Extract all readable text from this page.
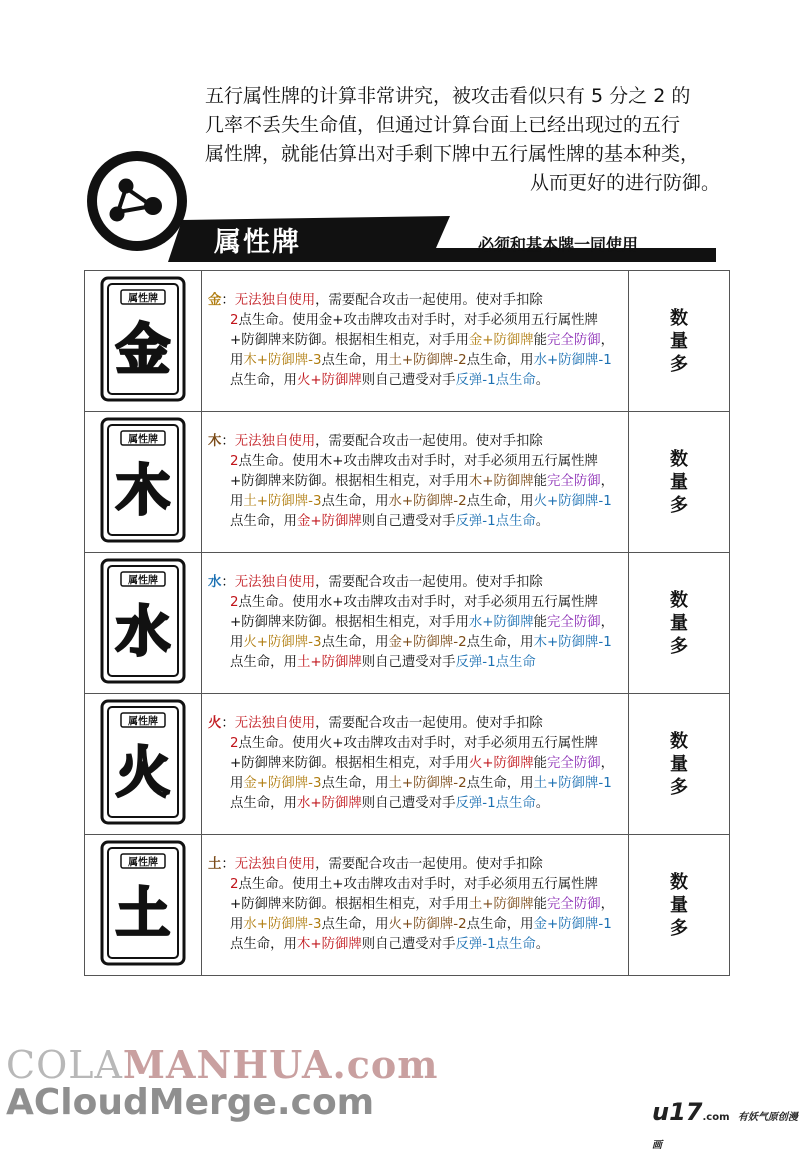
五行属性牌的计算非常讲究，被攻击看似只有 5 分之 2 的
几率不丢失生命值，但通过计算台面上已经出现过的五行
属性牌，就能估算出对手剩下牌中五行属性牌的基本种类，
从而更好的进行防御。
属性牌	必须和基本牌一同使用
属性牌
金	金：无法独自使用，需要配合攻击一起使用。使对手扣除
2点生命。使用金+攻击牌攻击对手时，对手必须用五行属性牌+防御牌来防御。根据相生相克，对手用金+防御牌能完全防御，用木+防御牌-3点生命，用土+防御牌-2点生命，用水+防御牌-1点生命，用火+防御牌则自己遭受对手反弹-1点生命。	数量多

属性牌
木	木：无法独自使用，需要配合攻击一起使用。使对手扣除
2点生命。使用木+攻击牌攻击对手时，对手必须用五行属性牌+防御牌来防御。根据相生相克，对手用木+防御牌能完全防御，用土+防御牌-3点生命，用水+防御牌-2点生命，用火+防御牌-1点生命，用金+防御牌则自己遭受对手反弹-1点生命。	数量多

属性牌
水	水：无法独自使用，需要配合攻击一起使用。使对手扣除
2点生命。使用水+攻击牌攻击对手时，对手必须用五行属性牌+防御牌来防御。根据相生相克，对手用水+防御牌能完全防御，用火+防御牌-3点生命，用金+防御牌-2点生命，用木+防御牌-1点生命，用土+防御牌则自己遭受对手反弹-1点生命	数量多

属性牌
火	火：无法独自使用，需要配合攻击一起使用。使对手扣除
2点生命。使用火+攻击牌攻击对手时，对手必须用五行属性牌+防御牌来防御。根据相生相克，对手用火+防御牌能完全防御，用金+防御牌-3点生命，用土+防御牌-2点生命，用土+防御牌-1点生命，用水+防御牌则自己遭受对手反弹-1点生命。	数量多

属性牌
土	土：无法独自使用，需要配合攻击一起使用。使对手扣除
2点生命。使用土+攻击牌攻击对手时，对手必须用五行属性牌+防御牌来防御。根据相生相克，对手用土+防御牌能完全防御，用水+防御牌-3点生命，用火+防御牌-2点生命，用金+防御牌-1点生命，用木+防御牌则自己遭受对手反弹-1点生命。	数量多
COLAMANHUA.com
ACloudMerge.com	u17.com 有妖气原创漫画
